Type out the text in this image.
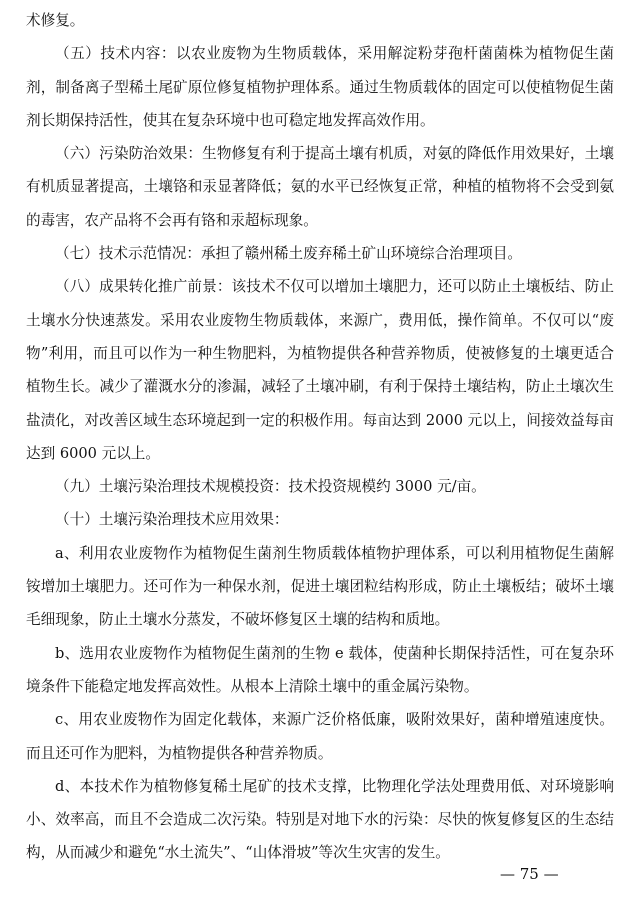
术修复。

（五）技术内容：以农业废物为生物质载体，采用解淀粉芽孢杆菌菌株为植物促生菌剂，制备离子型稀土尾矿原位修复植物护理体系。通过生物质载体的固定可以使植物促生菌剂长期保持活性，使其在复杂环境中也可稳定地发挥高效作用。

（六）污染防治效果：生物修复有利于提高土壤有机质，对氨的降低作用效果好，土壤有机质显著提高，土壤铬和汞显著降低；氨的水平已经恢复正常，种植的植物将不会受到氨的毒害，农产品将不会再有铬和汞超标现象。

（七）技术示范情况：承担了赣州稀土废弃稀土矿山环境综合治理项目。

（八）成果转化推广前景：该技术不仅可以增加土壤肥力，还可以防止土壤板结、防止土壤水分快速蒸发。采用农业废物生物质载体，来源广，费用低，操作简单。不仅可以“废物”利用，而且可以作为一种生物肥料，为植物提供各种营养物质，使被修复的土壤更适合植物生长。减少了灌溉水分的渗漏，减轻了土壤冲刷，有利于保持土壤结构，防止土壤次生盐渍化，对改善区域生态环境起到一定的积极作用。每亩达到 2000 元以上，间接效益每亩达到 6000 元以上。

（九）土壤污染治理技术规模投资：技术投资规模约 3000 元/亩。

（十）土壤污染治理技术应用效果：

a、利用农业废物作为植物促生菌剂生物质载体植物护理体系，可以利用植物促生菌解铵增加土壤肥力。还可作为一种保水剂，促进土壤团粒结构形成，防止土壤板结；破坏土壤毛细现象，防止土壤水分蒸发，不破坏修复区土壤的结构和质地。

b、选用农业废物作为植物促生菌剂的生物 e 载体，使菌种长期保持活性，可在复杂环境条件下能稳定地发挥高效性。从根本上清除土壤中的重金属污染物。

c、用农业废物作为固定化载体，来源广泛价格低廉，吸附效果好，菌种增殖速度快。而且还可作为肥料，为植物提供各种营养物质。

d、本技术作为植物修复稀土尾矿的技术支撑，比物理化学法处理费用低、对环境影响小、效率高，而且不会造成二次污染。特别是对地下水的污染：尽快的恢复修复区的生态结构，从而减少和避免“水土流失”、“山体滑坡”等次生灾害的发生。

— 75 —
